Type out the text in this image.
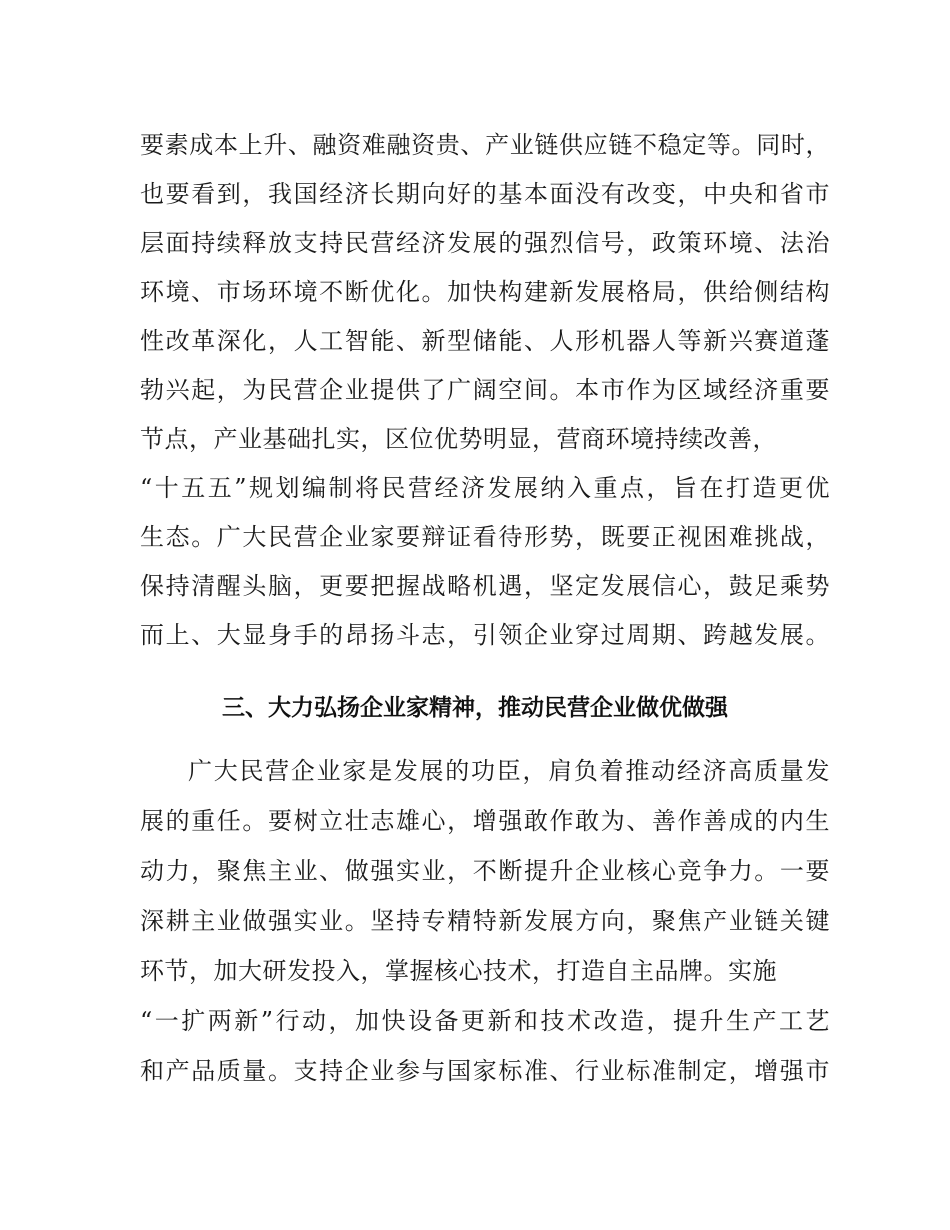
要素成本上升、融资难融资贵、产业链供应链不稳定等。同时，
也要看到，我国经济长期向好的基本面没有改变，中央和省市
层面持续释放支持民营经济发展的强烈信号，政策环境、法治
环境、市场环境不断优化。加快构建新发展格局，供给侧结构
性改革深化，人工智能、新型储能、人形机器人等新兴赛道蓬
勃兴起，为民营企业提供了广阔空间。本市作为区域经济重要
节点，产业基础扎实，区位优势明显，营商环境持续改善，
“十五五”规划编制将民营经济发展纳入重点，旨在打造更优
生态。广大民营企业家要辩证看待形势，既要正视困难挑战，
保持清醒头脑，更要把握战略机遇，坚定发展信心，鼓足乘势
而上、大显身手的昂扬斗志，引领企业穿过周期、跨越发展。
三、大力弘扬企业家精神，推动民营企业做优做强
广大民营企业家是发展的功臣，肩负着推动经济高质量发
展的重任。要树立壮志雄心，增强敢作敢为、善作善成的内生
动力，聚焦主业、做强实业，不断提升企业核心竞争力。一要
深耕主业做强实业。坚持专精特新发展方向，聚焦产业链关键
环节，加大研发投入，掌握核心技术，打造自主品牌。实施
“一扩两新”行动，加快设备更新和技术改造，提升生产工艺
和产品质量。支持企业参与国家标准、行业标准制定，增强市
